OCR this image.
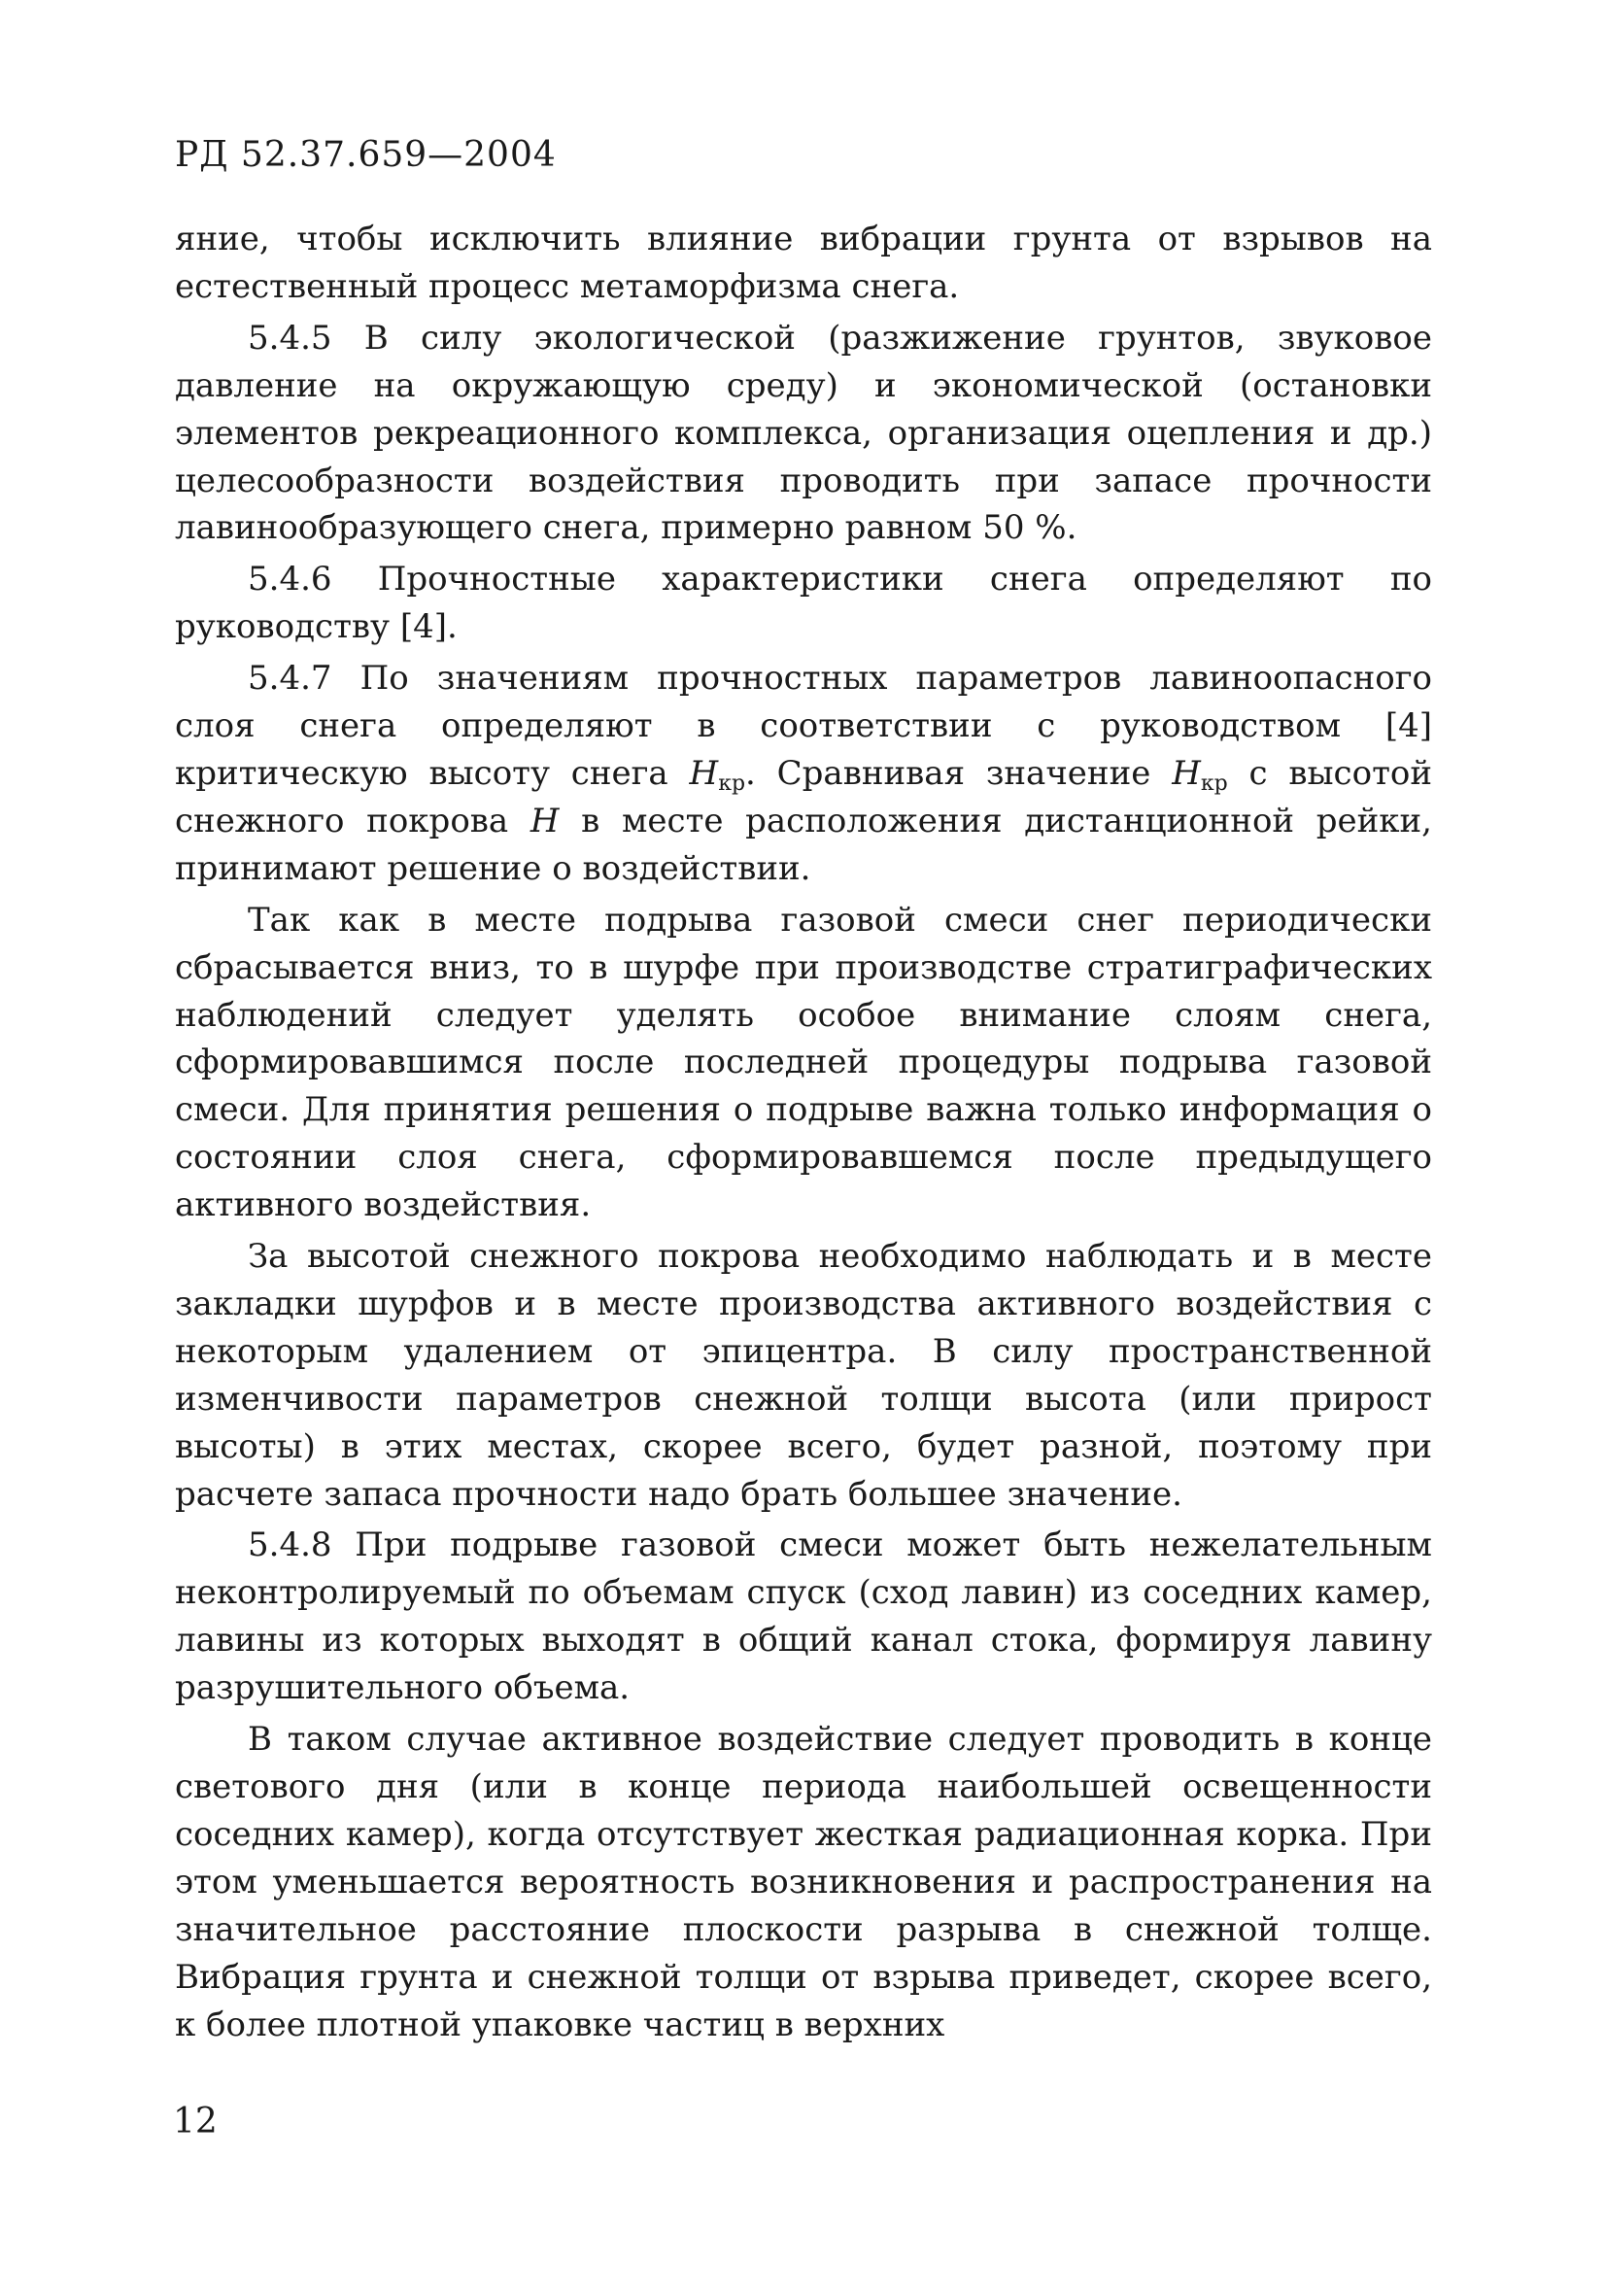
РД 52.37.659—2004

яние, чтобы исключить влияние вибрации грунта от взрывов на естественный процесс метаморфизма снега.

5.4.5 В силу экологической (разжижение грунтов, звуковое давление на окружающую среду) и экономической (остановки элементов рекреационного комплекса, организация оцепления и др.) целесообразности воздействия проводить при запасе прочности лавинообразующего снега, примерно равном 50 %.

5.4.6 Прочностные характеристики снега определяют по руководству [4].

5.4.7 По значениям прочностных параметров лавиноопасного слоя снега определяют в соответствии с руководством [4] критическую высоту снега $H_{кр}$. Сравнивая значение $H_{кр}$ с высотой снежного покрова H в месте расположения дистанционной рейки, принимают решение о воздействии.

Так как в месте подрыва газовой смеси снег периодически сбрасывается вниз, то в шурфе при производстве стратиграфических наблюдений следует уделять особое внимание слоям снега, сформировавшимся после последней процедуры подрыва газовой смеси. Для принятия решения о подрыве важна только информация о состоянии слоя снега, сформировавшемся после предыдущего активного воздействия.

За высотой снежного покрова необходимо наблюдать и в месте закладки шурфов и в месте производства активного воздействия с некоторым удалением от эпицентра. В силу пространственной изменчивости параметров снежной толщи высота (или прирост высоты) в этих местах, скорее всего, будет разной, поэтому при расчете запаса прочности надо брать большее значение.

5.4.8 При подрыве газовой смеси может быть нежелательным неконтролируемый по объемам спуск (сход лавин) из соседних камер, лавины из которых выходят в общий канал стока, формируя лавину разрушительного объема.

В таком случае активное воздействие следует проводить в конце светового дня (или в конце периода наибольшей освещенности соседних камер), когда отсутствует жесткая радиационная корка. При этом уменьшается вероятность возникновения и распространения на значительное расстояние плоскости разрыва в снежной толще. Вибрация грунта и снежной толщи от взрыва приведет, скорее всего, к более плотной упаковке частиц в верхних

12
